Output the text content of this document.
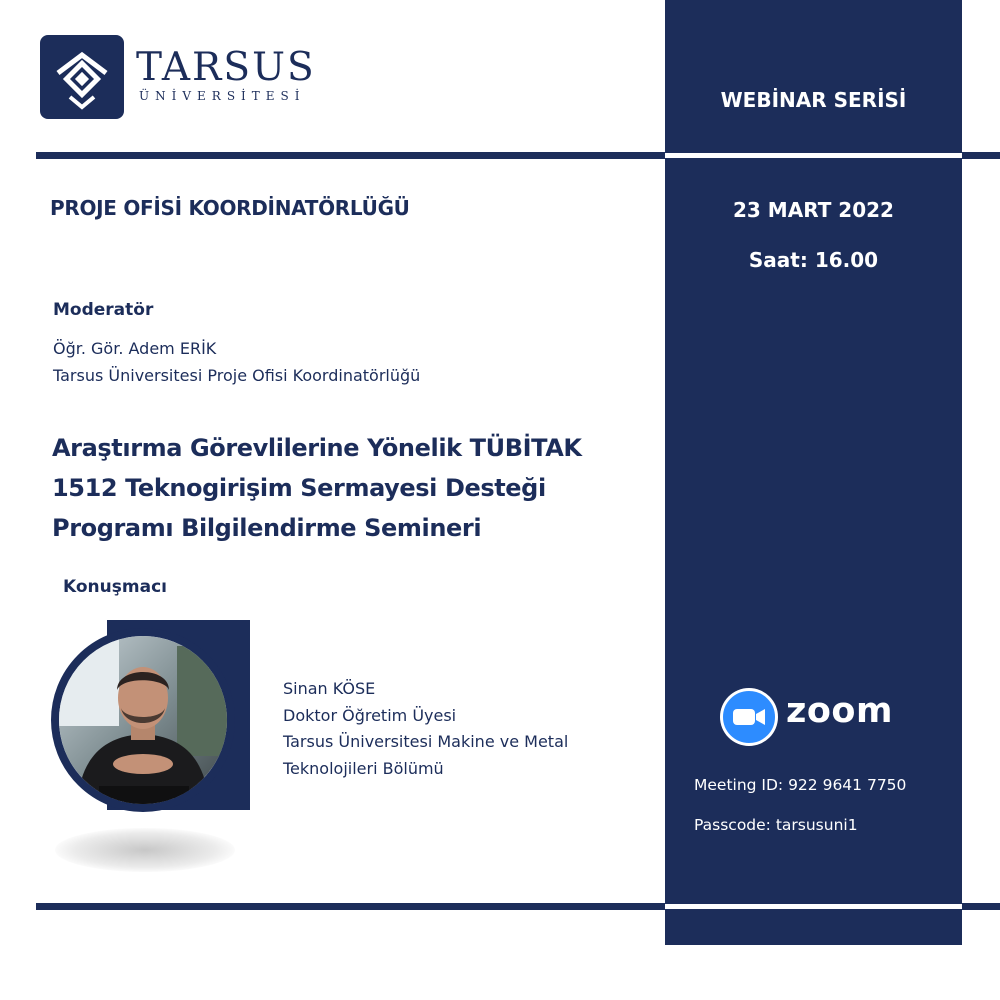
TARSUS
ÜNİVERSİTESİ
PROJE OFİSİ KOORDİNATÖRLÜĞÜ
Moderatör
Öğr. Gör. Adem ERİK
Tarsus Üniversitesi Proje Ofisi Koordinatörlüğü
Araştırma Görevlilerine Yönelik TÜBİTAK
1512 Teknogirişim Sermayesi Desteği
Programı Bilgilendirme Semineri
Konuşmacı
Sinan KÖSE
Doktor Öğretim Üyesi
Tarsus Üniversitesi Makine ve Metal
Teknolojileri Bölümü
WEBİNAR SERİSİ
23 MART 2022
Saat: 16.00
zoom
Meeting ID: 922 9641 7750
Passcode: tarsusuni1
